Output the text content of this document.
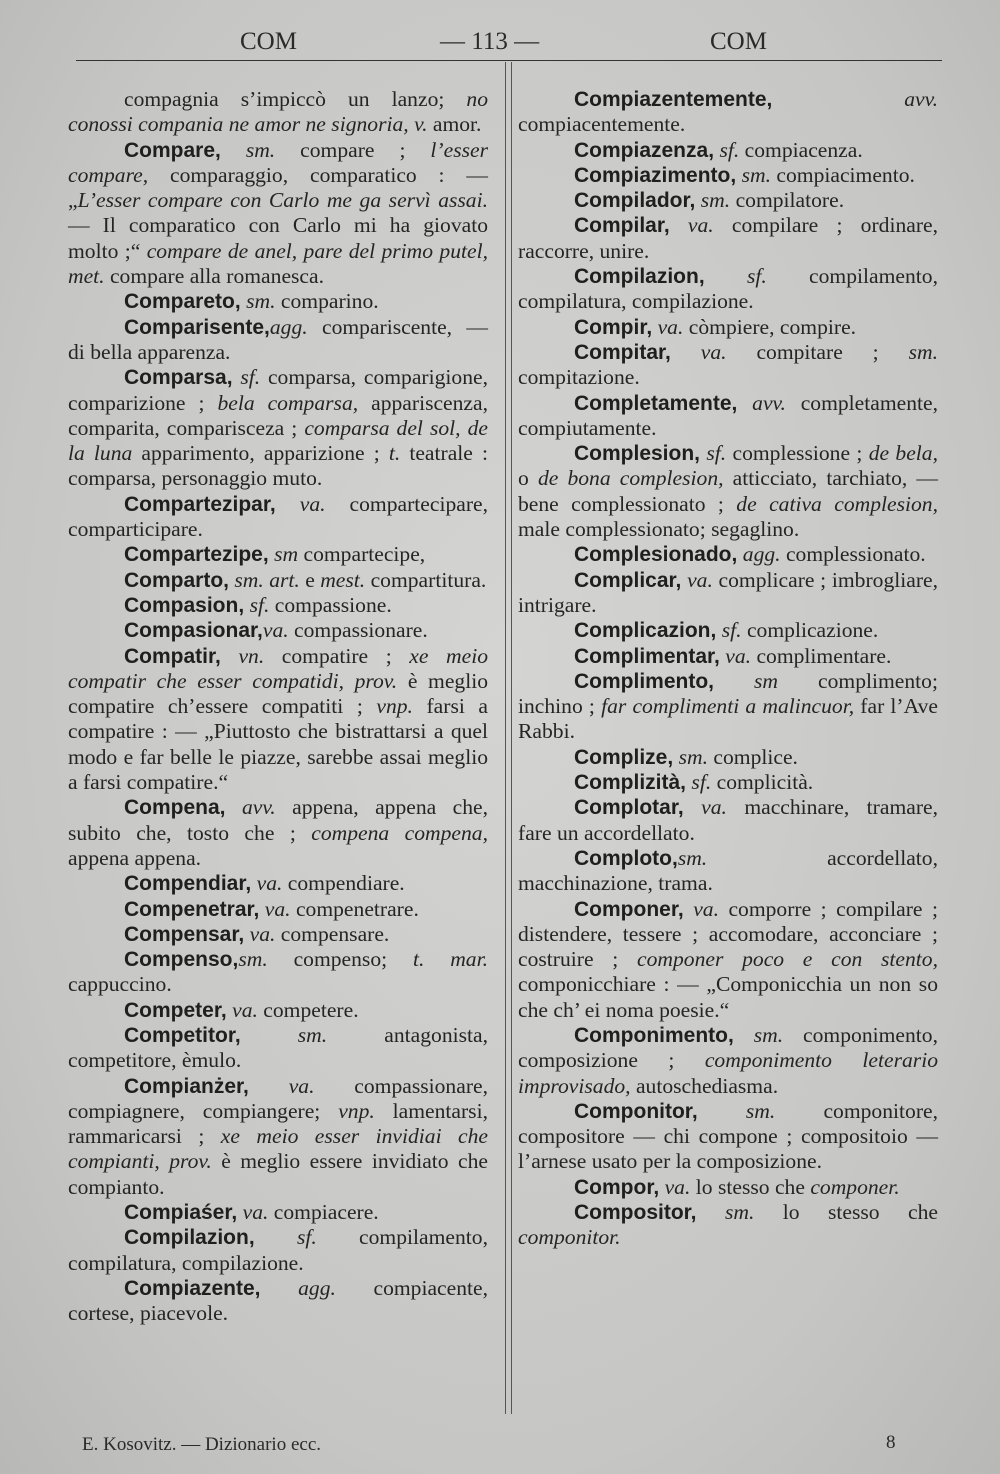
COM	— 113 —	COM

compagnia s’impiccò un lanzo; no conossi compania ne amor ne signoria, v. amor.

Compare, sm. compare ; l’esser compare, comparaggio, comparatico : — „L’esser compare con Carlo me ga servì assai. — Il comparatico con Carlo mi ha giovato molto ;“ compare de anel, pare del primo putel, met. compare alla romanesca.

Compareto, sm. comparino.

Comparisente,agg. compariscente, — di bella apparenza.

Comparsa, sf. comparsa, comparigione, comparizione ; bela comparsa, appariscenza, comparita, comparisceza ; comparsa del sol, de la luna apparimento, apparizione ; t. teatrale : comparsa, personaggio muto.

Compartezipar, va. compartecipare, comparticipare.

Compartezipe, sm compartecipe,

Comparto, sm. art. e mest. compartitura.

Compasion, sf. compassione.

Compasionar,va. compassionare.

Compatir, vn. compatire ; xe meio compatir che esser compatidi, prov. è meglio compatire ch’essere compatiti ; vnp. farsi a compatire : — „Piuttosto che bistrattarsi a quel modo e far belle le piazze, sarebbe assai meglio a farsi compatire.“

Compena, avv. appena, appena che, subito che, tosto che ; compena compena, appena appena.

Compendiar, va. compendiare.

Compenetrar, va. compenetrare.

Compensar, va. compensare.

Compenso,sm. compenso; t. mar. cappuccino.

Competer, va. competere.

Competitor,	sm. antagonista, competitore, èmulo.

Compianżer, va. compassionare, compiagnere, compiangere; vnp. lamentarsi, rammaricarsi ; xe meio esser invidiai che compianti, prov. è meglio essere invidiato che compianto.

Compiaśer, va. compiacere.

Compilazion, sf. compilamento, compilatura, compilazione.

Compiazente, agg. compiacente, cortese, piacevole.

Compiazentemente,	avv. compiacentemente.

Compiazenza, sf. compiacenza.

Compiazimento, sm. compiacimento.

Compilador, sm. compilatore.

Compilar, va. compilare ; ordinare, raccorre, unire.

Compilazion, sf. compilamento, compilatura, compilazione.

Compir, va. còmpiere, compire.

Compitar, va. compitare ; sm. compitazione.

Completamente, avv. completamente, compiutamente.

Complesion, sf. complessione ; de bela, o de bona complesion, atticciato, tarchiato, — bene complessionato ; de cativa complesion, male complessionato; segaglino.

Complesionado, agg. complessionato.

Complicar, va. complicare ; imbrogliare, intrigare.

Complicazion, sf. complicazione.

Complimentar, va. complimentare.

Complimento, sm complimento; inchino ; far complimenti a malincuor, far l’Ave Rabbi.

Complize, sm. complice.

Complizità, sf. complicità.

Complotar, va. macchinare, tramare, fare un accordellato.

Comploto,sm. accordellato, macchinazione, trama.

Componer, va. comporre ; compilare ; distendere, tessere ; accomodare, acconciare ; costruire ; componer poco e con stento, componicchiare : — „Componicchia un non so che ch’ ei noma poesie.“

Componimento, sm. componimento, composizione ; componimento leterario improvisado, autoschediasma.

Componitor, sm. componitore, compositore — chi compone ; compositoio — l’arnese usato per la composizione.

Compor, va. lo stesso che componer.

Compositor, sm. lo stesso che componitor.

E. Kosovitz. — Dizionario ecc.	8
